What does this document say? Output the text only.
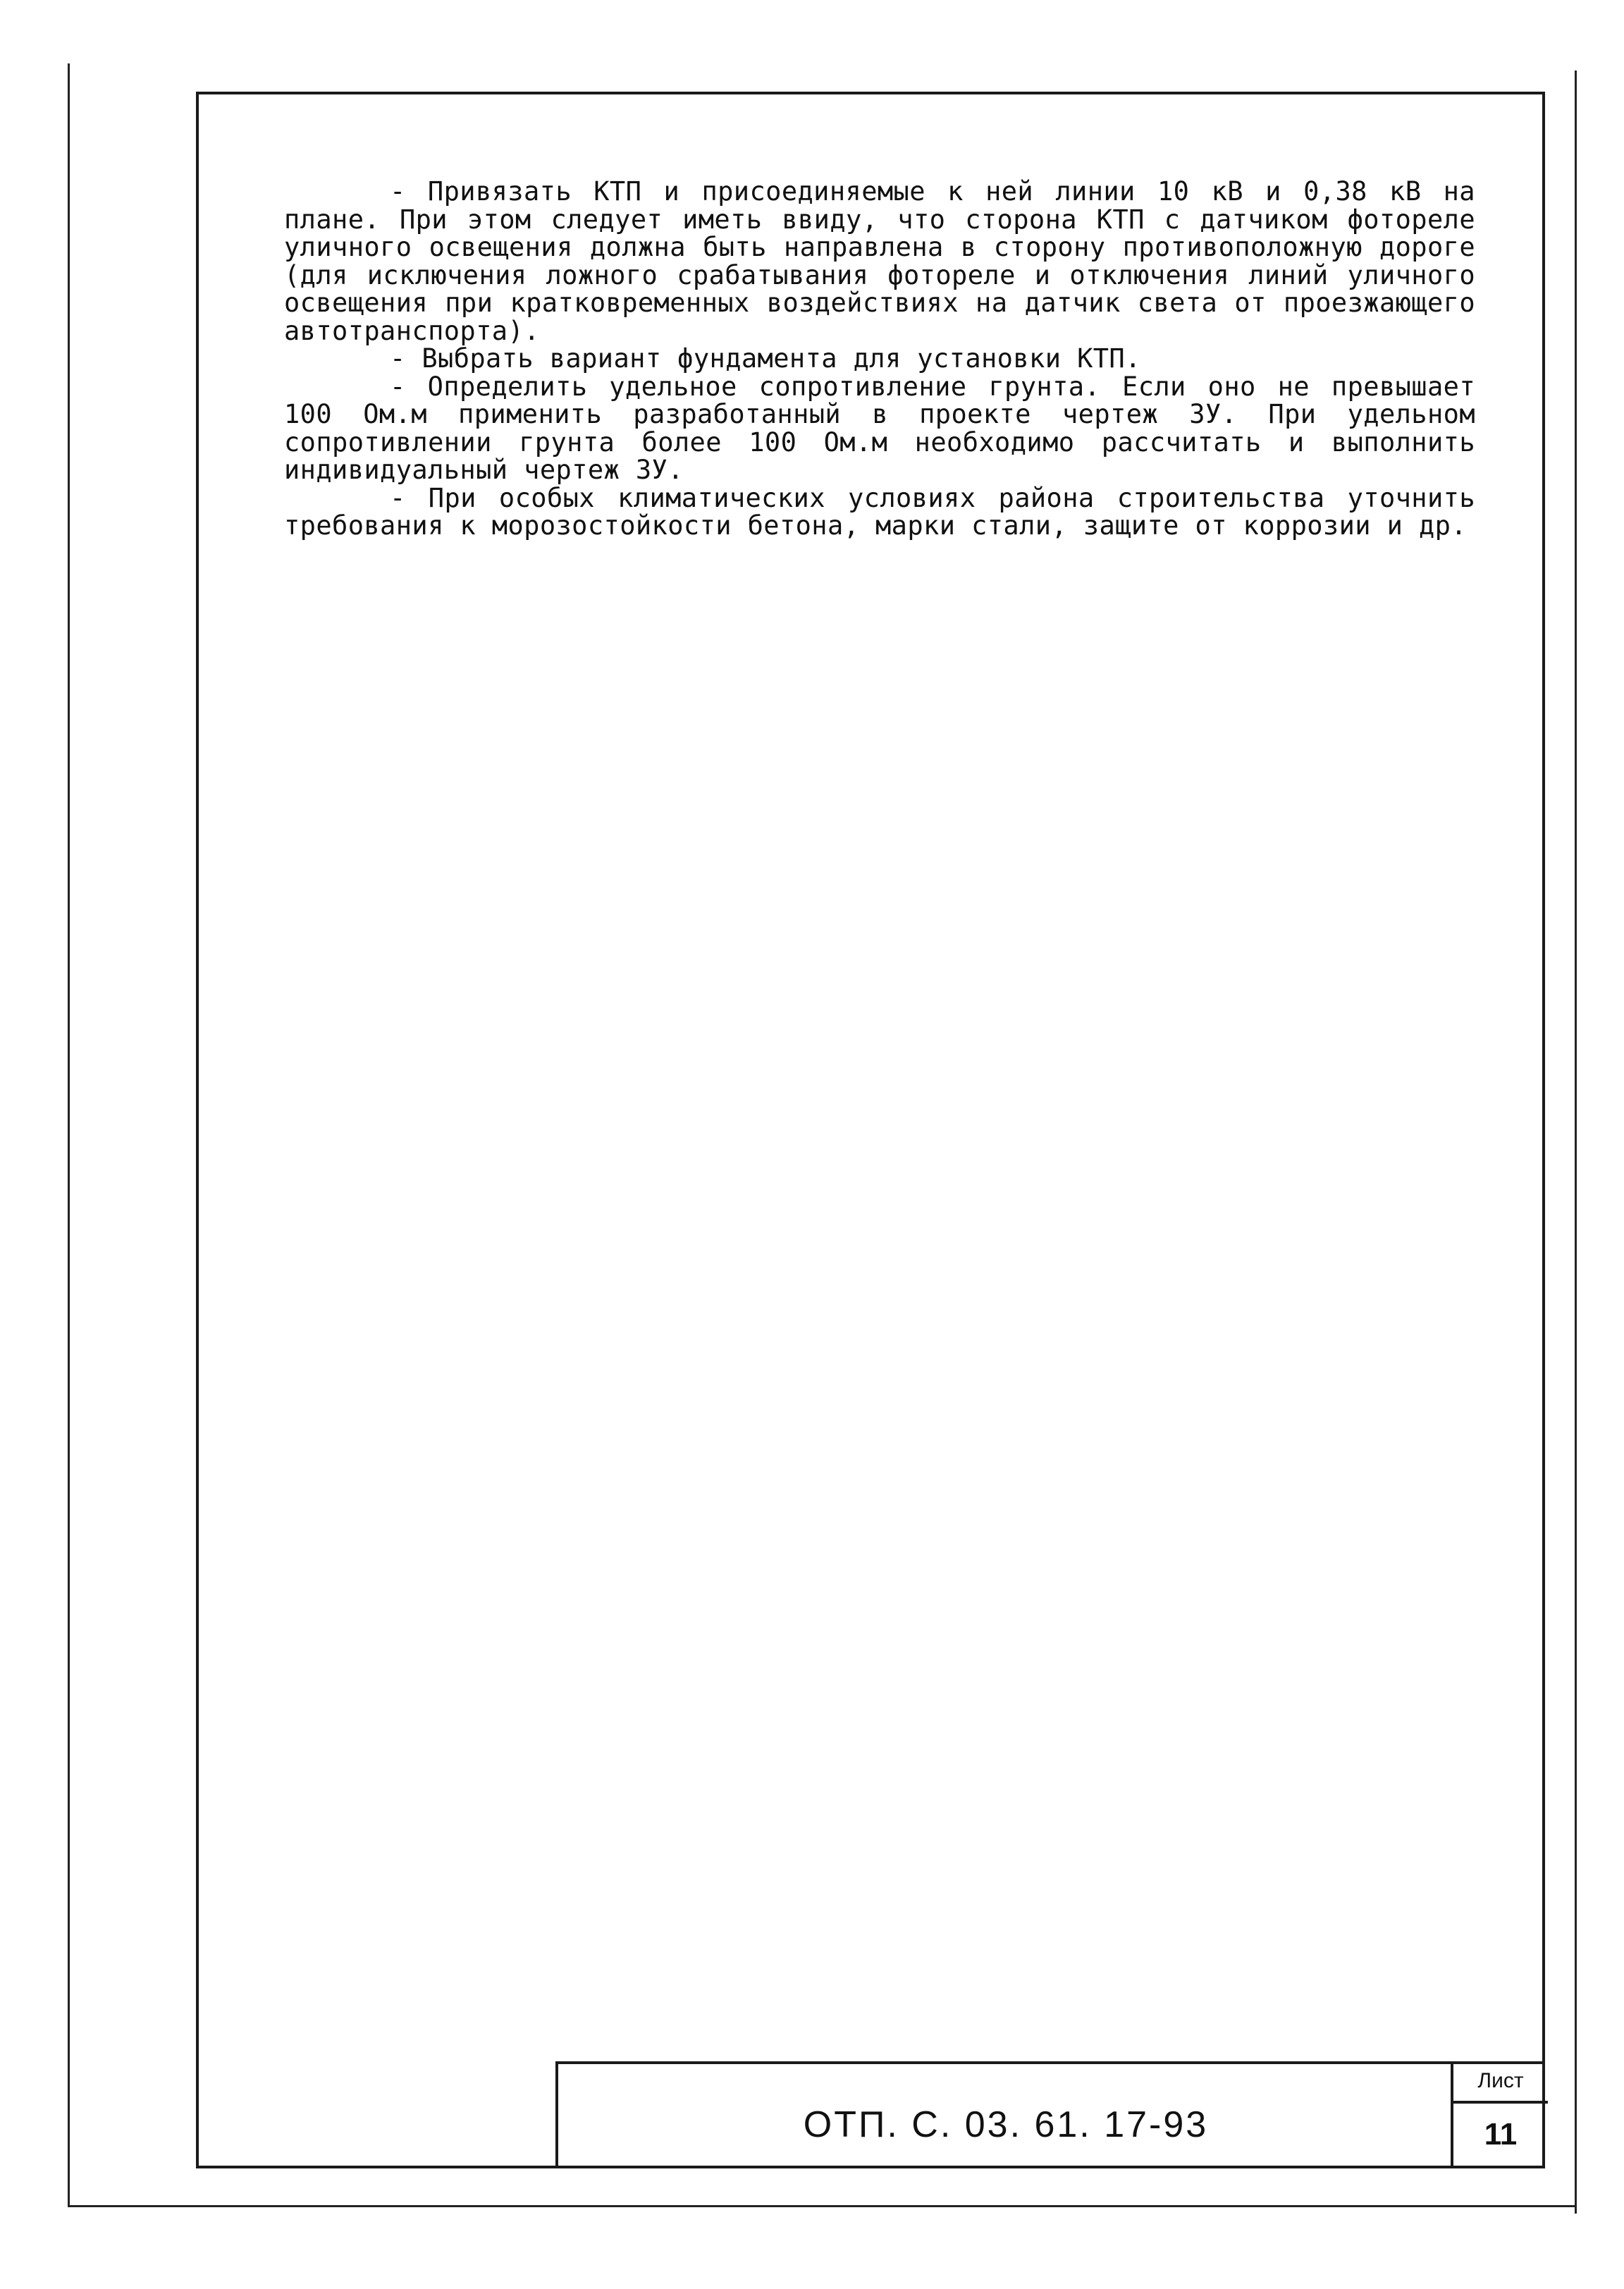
- Привязать КТП и присоединяемые к ней линии 10 кВ и 0,38 кВ на плане. При этом следует иметь ввиду, что сторона КТП с датчиком фотореле уличного освещения должна быть направлена в сторону противоположную дороге (для исключения ложного срабатывания фотореле и отключения линий уличного освещения при кратковременных воздействиях на датчик света от проезжающего автотранспорта).

- Выбрать вариант фундамента для установки КТП.

- Определить удельное сопротивление грунта. Если оно не превышает 100 Ом.м применить разработанный в проекте чертеж ЗУ. При удельном сопротивлении грунта более 100 Ом.м необходимо рассчитать и выполнить индивидуальный чертеж ЗУ.

- При особых климатических условиях района строительства уточнить требования к морозостойкости бетона, марки стали, защите от коррозии и др.

ОТП. С. 03. 61. 17-93
Лист
11
